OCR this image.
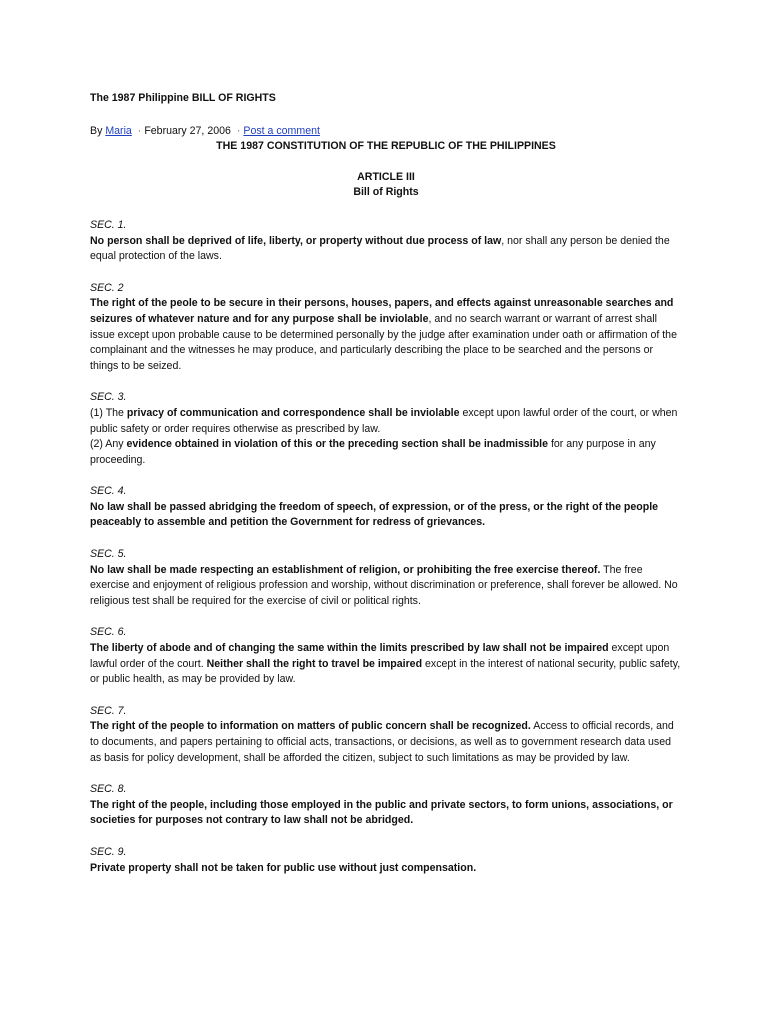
The 1987 Philippine BILL OF RIGHTS

By Maria · February 27, 2006 · Post a comment

THE 1987 CONSTITUTION OF THE REPUBLIC OF THE PHILIPPINES

ARTICLE III

Bill of Rights

SEC. 1.
No person shall be deprived of life, liberty, or property without due process of law, nor shall any person be denied the equal protection of the laws.
SEC. 2
The right of the peole to be secure in their persons, houses, papers, and effects against unreasonable searches and seizures of whatever nature and for any purpose shall be inviolable, and no search warrant or warrant of arrest shall issue except upon probable cause to be determined personally by the judge after examination under oath or affirmation of the complainant and the witnesses he may produce, and particularly describing the place to be searched and the persons or things to be seized.
SEC. 3.
(1) The privacy of communication and correspondence shall be inviolable except upon lawful order of the court, or when public safety or order requires otherwise as prescribed by law.
(2) Any evidence obtained in violation of this or the preceding section shall be inadmissible for any purpose in any proceeding.
SEC. 4.
No law shall be passed abridging the freedom of speech, of expression, or of the press, or the right of the people peaceably to assemble and petition the Government for redress of grievances.
SEC. 5.
No law shall be made respecting an establishment of religion, or prohibiting the free exercise thereof. The free exercise and enjoyment of religious profession and worship, without discrimination or preference, shall forever be allowed. No religious test shall be required for the exercise of civil or political rights.
SEC. 6.
The liberty of abode and of changing the same within the limits prescribed by law shall not be impaired except upon lawful order of the court. Neither shall the right to travel be impaired except in the interest of national security, public safety, or public health, as may be provided by law.
SEC. 7.
The right of the people to information on matters of public concern shall be recognized. Access to official records, and to documents, and papers pertaining to official acts, transactions, or decisions, as well as to government research data used as basis for policy development, shall be afforded the citizen, subject to such limitations as may be provided by law.
SEC. 8.
The right of the people, including those employed in the public and private sectors, to form unions, associations, or societies for purposes not contrary to law shall not be abridged.
SEC. 9.
Private property shall not be taken for public use without just compensation.
